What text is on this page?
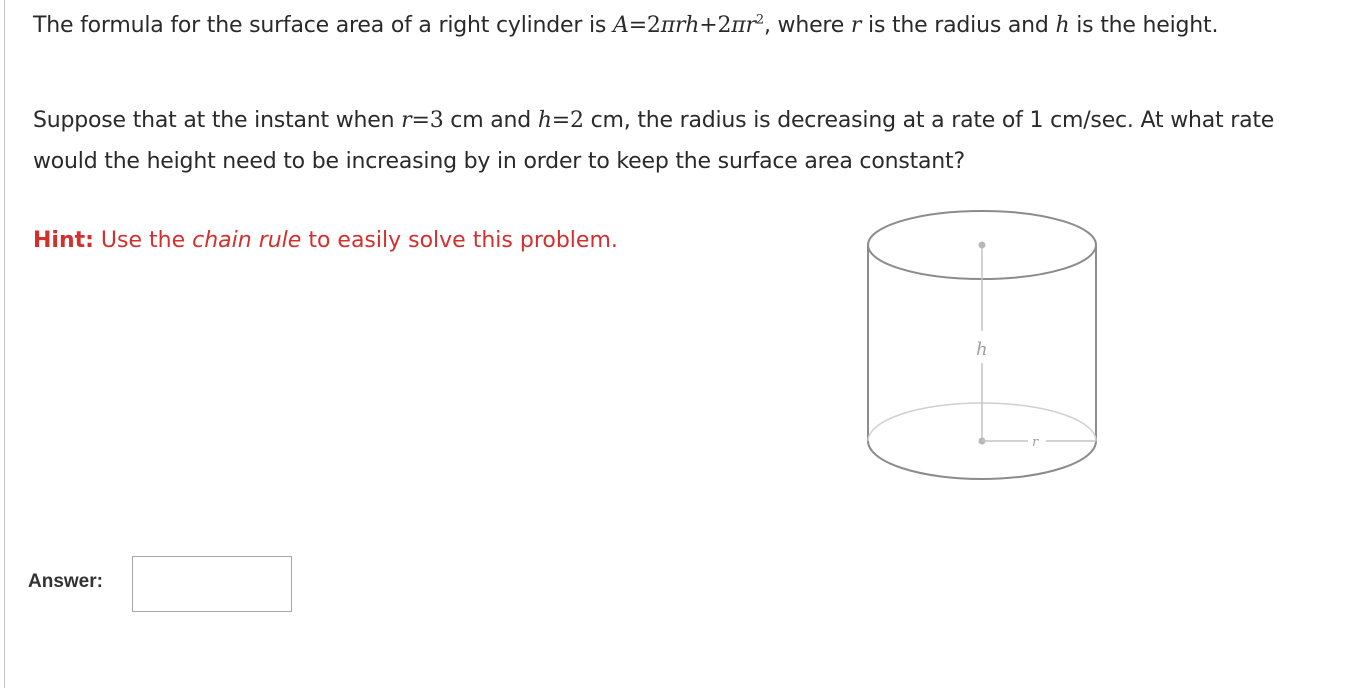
The formula for the surface area of a right cylinder is $A=2\pi rh+2\pi r^2$, where r is the radius and h is the height.

Suppose that at the instant when r=3 cm and h=2 cm, the radius is decreasing at a rate of 1 cm/sec. At what rate would the height need to be increasing by in order to keep the surface area constant?

Hint: Use the chain rule to easily solve this problem.

h
r
Answer:
